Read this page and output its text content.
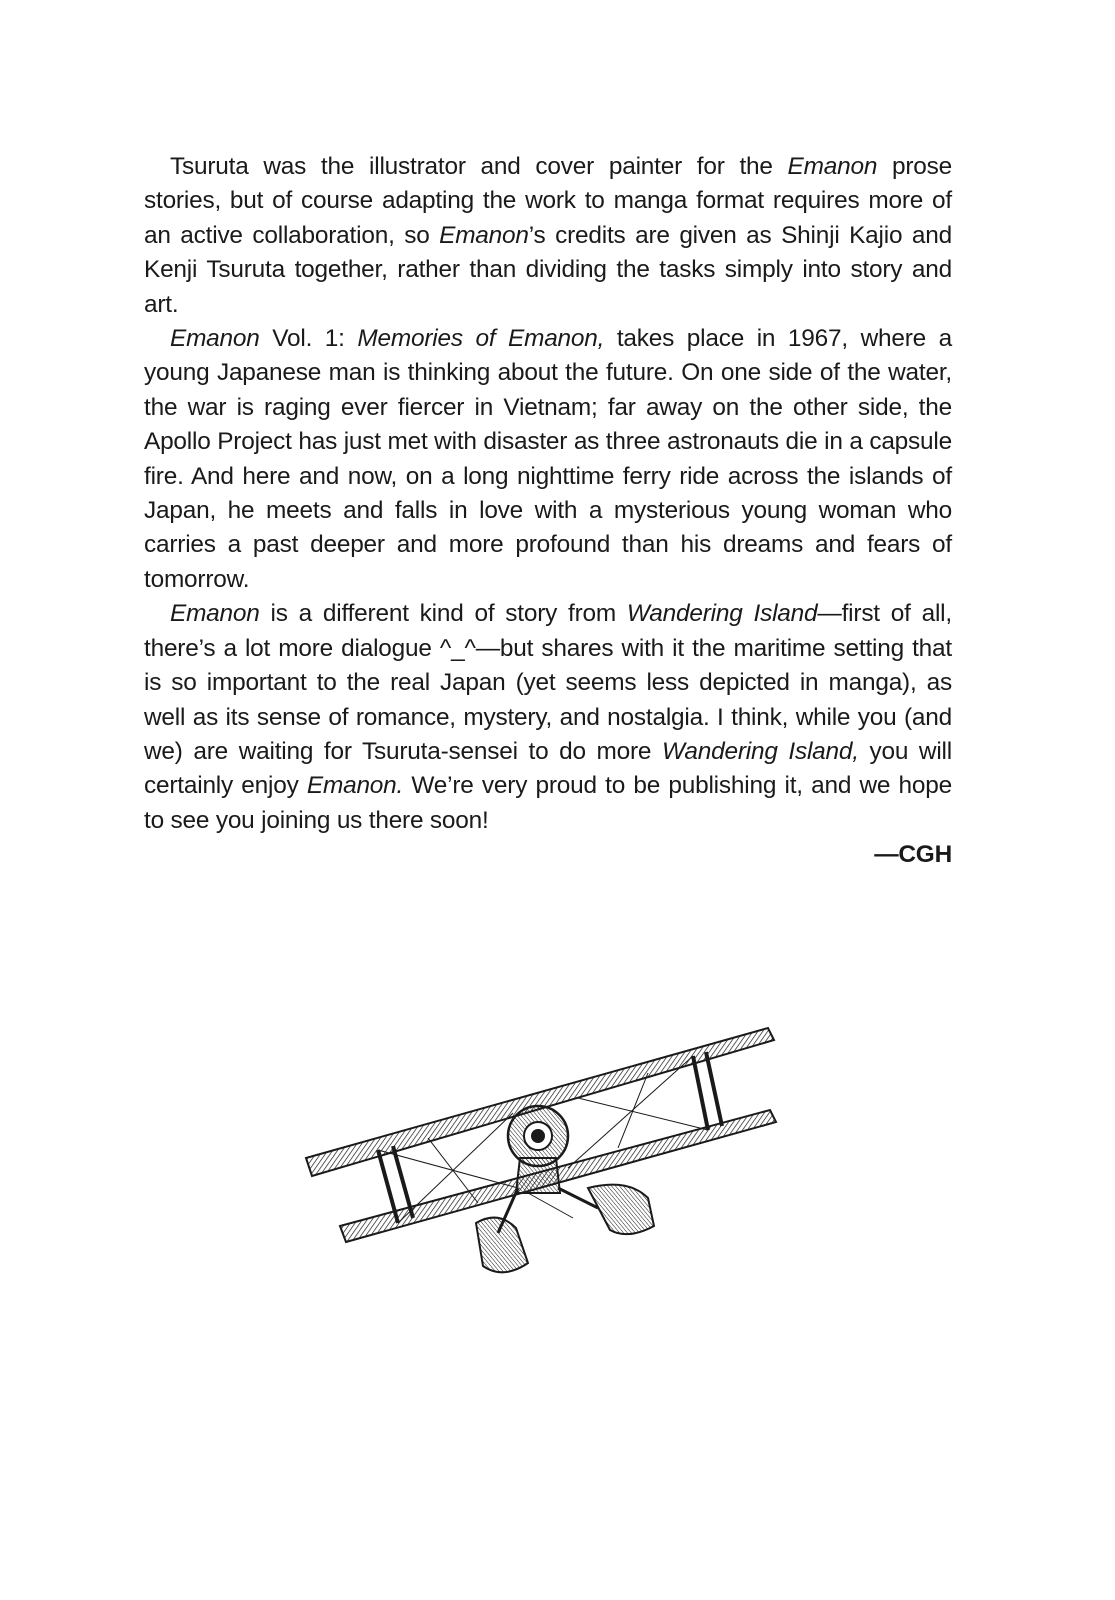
Tsuruta was the illustrator and cover painter for the Emanon prose stories, but of course adapting the work to manga format requires more of an active collaboration, so Emanon’s credits are given as Shinji Kajio and Kenji Tsuruta together, rather than dividing the tasks simply into story and art.

Emanon Vol. 1: Memories of Emanon, takes place in 1967, where a young Japanese man is thinking about the future. On one side of the water, the war is raging ever fiercer in Vietnam; far away on the other side, the Apollo Project has just met with disaster as three astronauts die in a capsule fire. And here and now, on a long nighttime ferry ride across the islands of Japan, he meets and falls in love with a mysterious young woman who carries a past deeper and more profound than his dreams and fears of tomorrow.

Emanon is a different kind of story from Wandering Island—first of all, there’s a lot more dialogue ^_^—but shares with it the maritime setting that is so important to the real Japan (yet seems less depicted in manga), as well as its sense of romance, mystery, and nostalgia. I think, while you (and we) are waiting for Tsuruta-sensei to do more Wandering Island, you will certainly enjoy Emanon. We’re very proud to be publishing it, and we hope to see you joining us there soon!

—CGH
